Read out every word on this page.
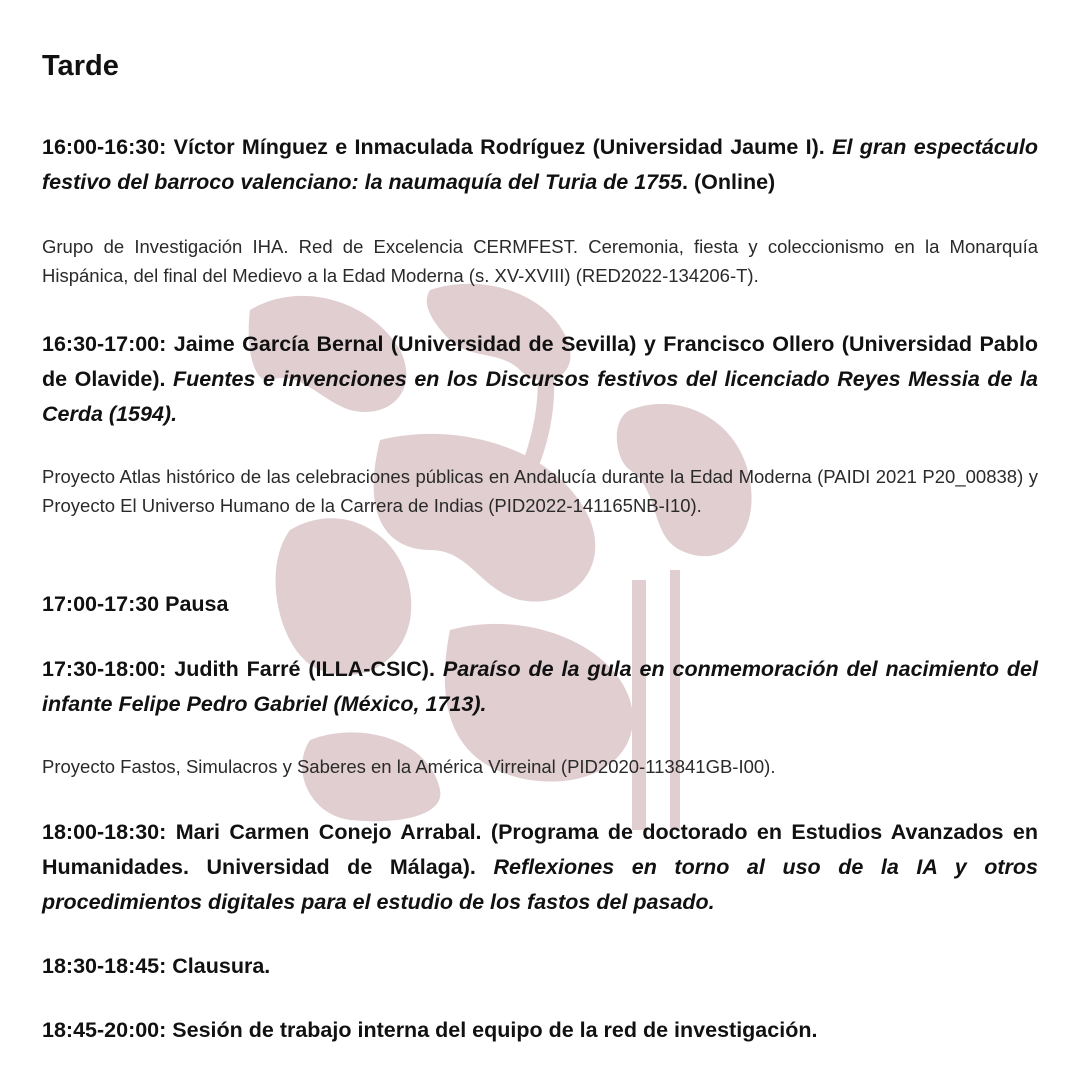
Tarde

16:00-16:30: Víctor Mínguez e Inmaculada Rodríguez (Universidad Jaume I). El gran espectáculo festivo del barroco valenciano: la naumaquía del Turia de 1755. (Online)

Grupo de Investigación IHA. Red de Excelencia CERMFEST. Ceremonia, fiesta y coleccionismo en la Monarquía Hispánica, del final del Medievo a la Edad Moderna (s. XV-XVIII) (RED2022-134206-T).

16:30-17:00: Jaime García Bernal (Universidad de Sevilla) y Francisco Ollero (Universidad Pablo de Olavide). Fuentes e invenciones en los Discursos festivos del licenciado Reyes Messia de la Cerda (1594).

Proyecto Atlas histórico de las celebraciones públicas en Andalucía durante la Edad Moderna (PAIDI 2021 P20_00838) y Proyecto El Universo Humano de la Carrera de Indias (PID2022-141165NB-I10).

17:00-17:30 Pausa

17:30-18:00: Judith Farré (ILLA-CSIC). Paraíso de la gula en conmemoración del nacimiento del infante Felipe Pedro Gabriel (México, 1713).

Proyecto Fastos, Simulacros y Saberes en la América Virreinal (PID2020-113841GB-I00).

18:00-18:30: Mari Carmen Conejo Arrabal. (Programa de doctorado en Estudios Avanzados en Humanidades. Universidad de Málaga). Reflexiones en torno al uso de la IA y otros procedimientos digitales para el estudio de los fastos del pasado.

18:30-18:45: Clausura.

18:45-20:00: Sesión de trabajo interna del equipo de la red de investigación.
